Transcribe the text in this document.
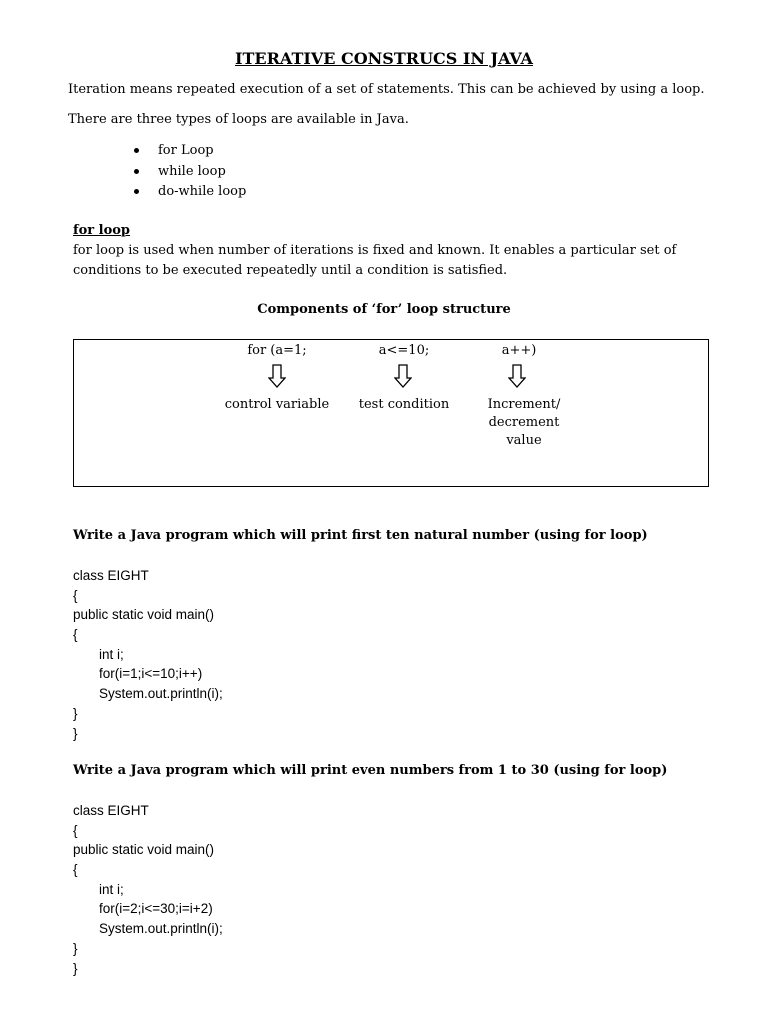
ITERATIVE CONSTRUCS IN JAVA
Iteration means repeated execution of a set of statements. This can be achieved by using a loop.
There are three types of loops are available in Java.
for Loop
while loop
do-while loop
for loop
for loop is used when number of iterations is fixed and known. It enables a particular set of
conditions to be executed repeatedly until a condition is satisfied.
Components of ‘for’ loop structure
for (a=1;
control variable
a<=10;
test condition
a++)
Increment/
decrement
value
Write a Java program which will print first ten natural number (using for loop)
class EIGHT
{
public static void main()
{
int i;
for(i=1;i<=10;i++)
System.out.println(i);
}
}
Write a Java program which will print even numbers from 1 to 30 (using for loop)
class EIGHT
{
public static void main()
{
int i;
for(i=2;i<=30;i=i+2)
System.out.println(i);
}
}
